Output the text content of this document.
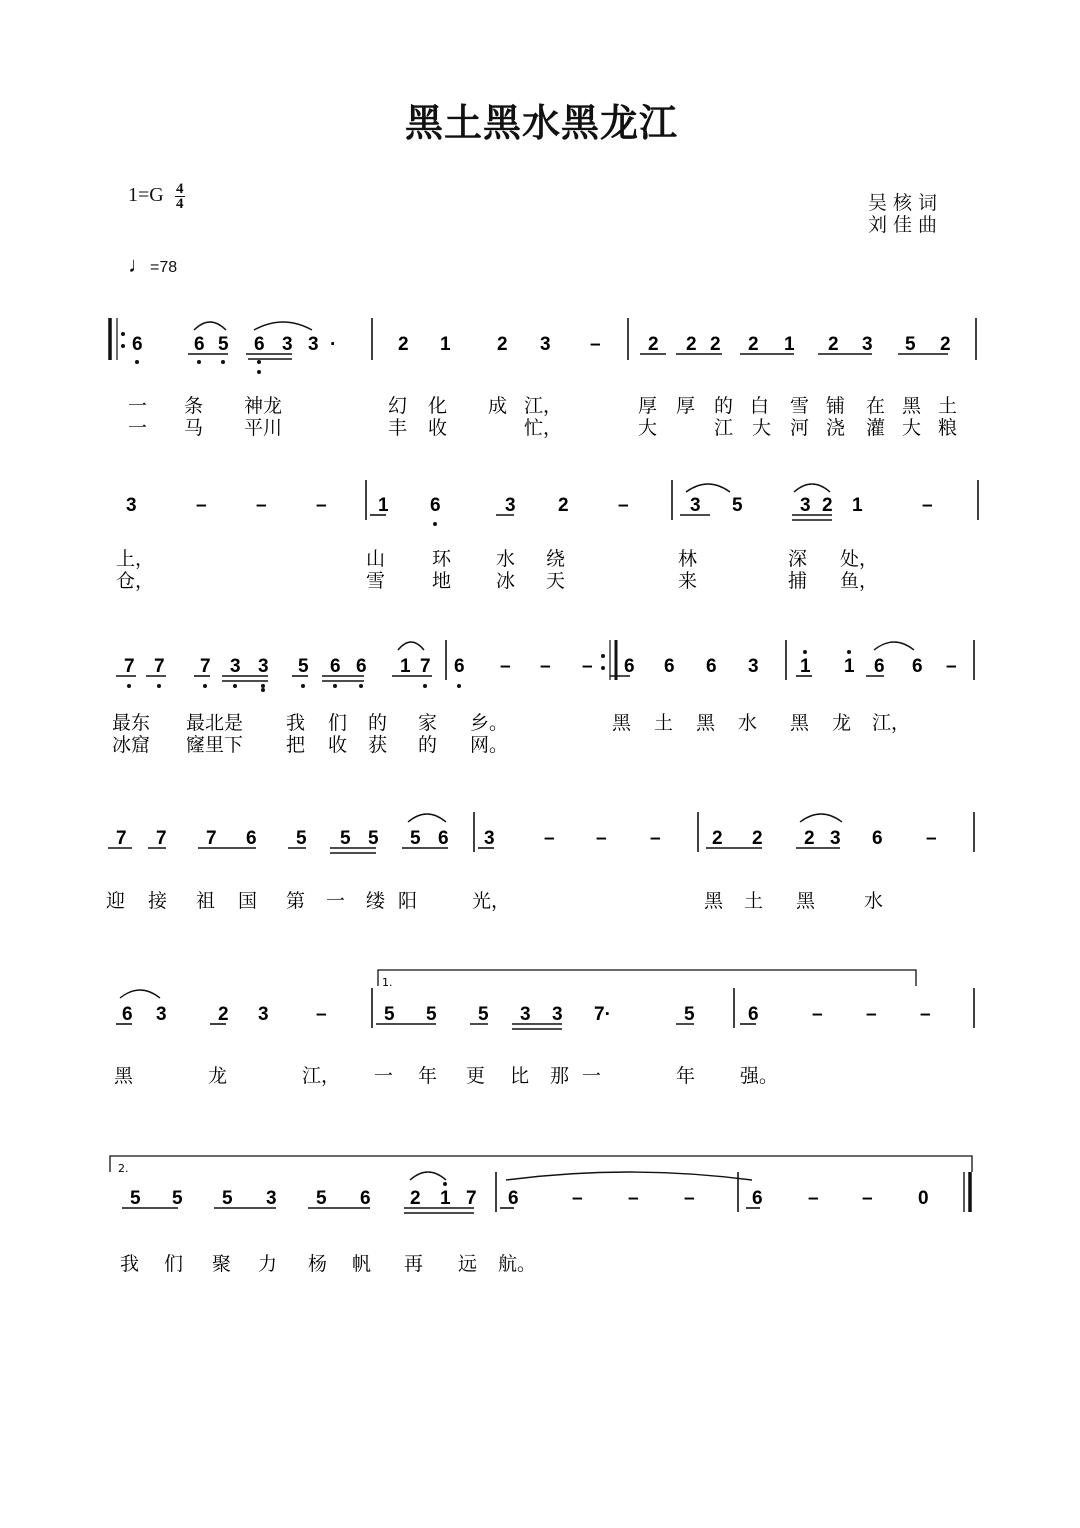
黑土黑水黑龙江
$1=G \frac{4}{4}$	吴核词
刘佳曲
♩=78
6	6 5 6 3 3 ·	2 1 2 3 – 2 2 2 2 1 2 3 5 2
3	–	–	–	1 6	3 2	–	3 5	3 2 1	–
7 7 7 3 3 5 6 6 1 7 6 – – – 6 6 6 3 1 1 6 6 –
7 7 7 6 5 5 5 5 6 3	– – –	2 2 2 3 6 –
6 3	2 3 –	5 5 5 3 3 7·	5	6	– – –
5 5 5 3 5 6 2 1 7 6	– – –	6 – – 0
1.
2.
一 条 神龙	幻 化 成 江，	厚 厚 的 白 雪 铺 在 黑 土
一 马 平川	丰 收	忙，	大	江 大 河 浇 灌 大 粮
上，	山 环 水 绕	林	深 处，
仓，	雪 地 冰 天	来	捕 鱼，
最东 最北是 我 们 的 家 乡。	黑 土 黑 水 黑 龙 江，
冰窟 窿里下 把 收 获 的 网。
迎 接 祖 国 第 一 缕 阳	光，	黑 土 黑	水
黑	龙	江， 一 年 更 比 那 一	年 强。
我 们 聚 力 杨 帆 再 远 航。
